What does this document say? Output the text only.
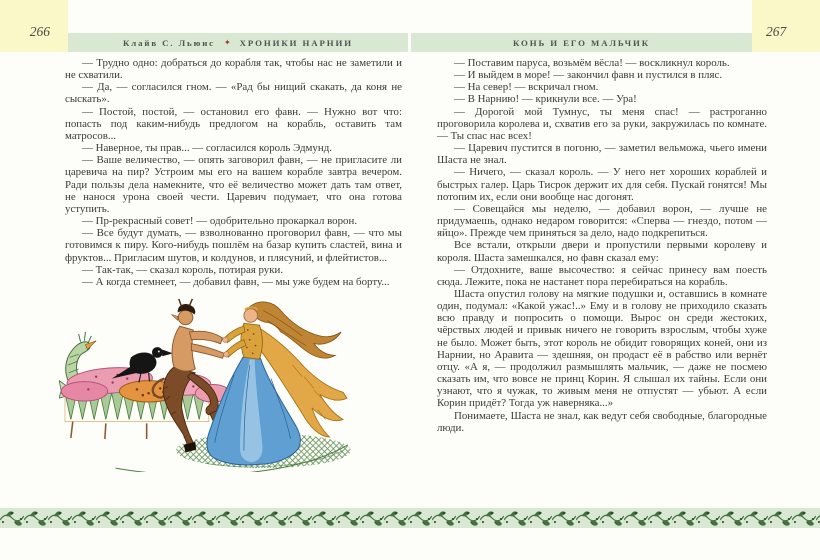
266	267
Клайв С. Льюис ✦ ХРОНИКИ НАРНИИ	КОНЬ И ЕГО МАЛЬЧИК

— Трудно одно: добраться до корабля так, чтобы нас не заметили и не схватили.

— Да, — согласился гном. — «Рад бы нищий скакать, да коня не сыскать».

— Постой, постой, — остановил его фавн. — Нужно вот что: попасть под каким-нибудь предлогом на корабль, оставить там матросов...

— Наверное, ты прав... — согласился король Эдмунд.

— Ваше величество, — опять заговорил фавн, — не пригласите ли царевича на пир? Устроим мы его на вашем корабле завтра вечером. Ради пользы дела намекните, что её величество может дать там ответ, не нанося урона своей чести. Царевич подумает, что она готова уступить.

— Пр-рекрасный совет! — одобрительно прокаркал ворон.

— Все будут думать, — взволнованно проговорил фавн, — что мы готовимся к пиру. Кого-нибудь пошлём на базар купить сластей, вина и фруктов... Пригласим шутов, и колдунов, и плясуний, и флейтистов...

— Так-так, — сказал король, потирая руки.

— А когда стемнеет, — добавил фавн, — мы уже будем на борту...

— Поставим паруса, возьмём вёсла! — воскликнул король.

— И выйдем в море! — закончил фавн и пустился в пляс.

— На север! — вскричал гном.

— В Нарнию! — крикнули все. — Ура!

— Дорогой мой Тумнус, ты меня спас! — растроганно проговорила королева и, схватив его за руки, закружилась по комнате. — Ты спас нас всех!

— Царевич пустится в погоню, — заметил вельможа, чьего имени Шаста не знал.

— Ничего, — сказал король. — У него нет хороших кораблей и быстрых галер. Царь Тисрок держит их для себя. Пускай гонятся! Мы потопим их, если они вообще нас догонят.

— Совещайся мы неделю, — добавил ворон, — лучше не придумаешь, однако недаром говорится: «Сперва — гнездо, потом — яйцо». Прежде чем приняться за дело, надо подкрепиться.

Все встали, открыли двери и пропустили первыми королеву и короля. Шаста замешкался, но фавн сказал ему:

— Отдохните, ваше высочество: я сейчас принесу вам поесть сюда. Лежите, пока не настанет пора перебираться на корабль.

Шаста опустил голову на мягкие подушки и, оставшись в комнате один, подумал: «Какой ужас!..» Ему и в голову не приходило сказать всю правду и попросить о помощи. Вырос он среди жестоких, чёрствых людей и привык ничего не говорить взрослым, чтобы хуже не было. Может быть, этот король не обидит говорящих коней, они из Нарнии, но Аравита — здешняя, он продаст её в рабство или вернёт отцу. «А я, — продолжил размышлять мальчик, — даже не посмею сказать им, что вовсе не принц Корин. Я слышал их тайны. Если они узнают, что я чужак, то живым меня не отпустят — убьют. А если Корин придёт? Тогда уж наверняка...»

Понимаете, Шаста не знал, как ведут себя свободные, благородные люди.
